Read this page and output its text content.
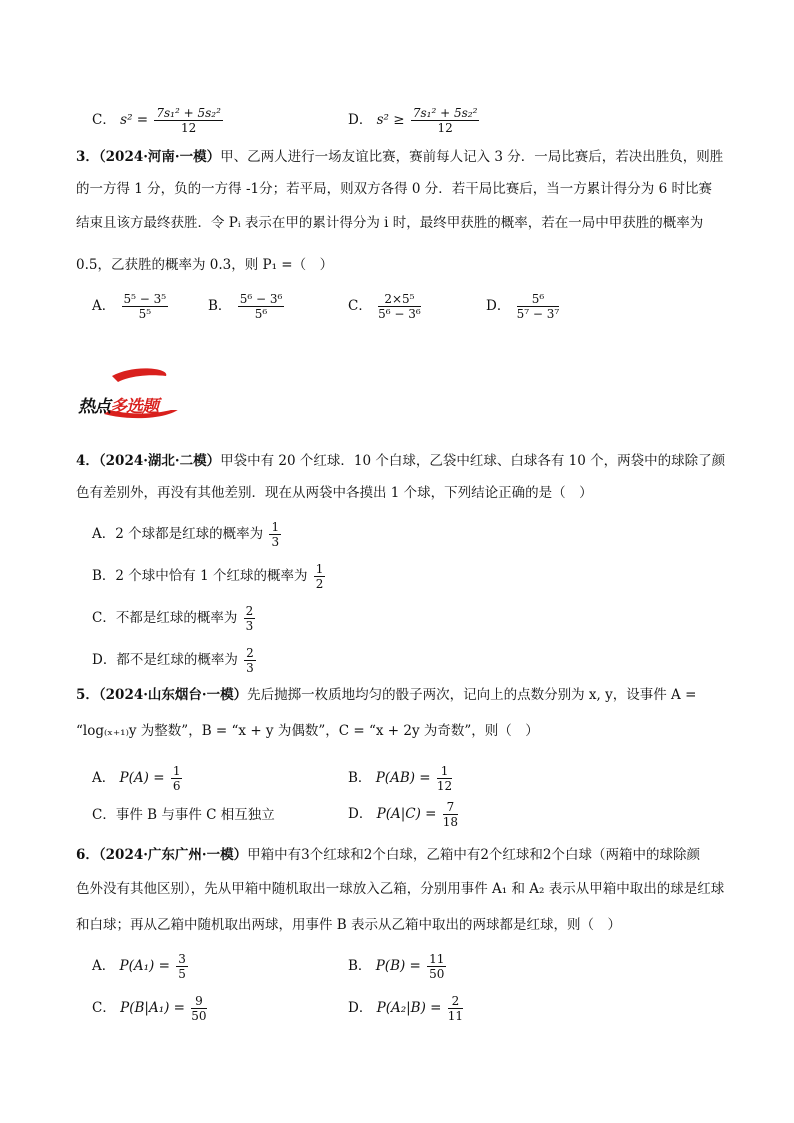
C． $s^2 = \frac{\text{7s₁² + 5s₂²}}{12}$	D． $s^2 \ge \frac{\text{7s₁² + 5s₂²}}{12}$
3．（2024·河南·一模）甲、乙两人进行一场友谊比赛，赛前每人记入 3 分．一局比赛后，若决出胜负，则胜
的一方得 1 分，负的一方得 -1分；若平局，则双方各得 0 分．若干局比赛后，当一方累计得分为 6 时比赛
结束且该方最终获胜．令 Pᵢ 表示在甲的累计得分为 i 时，最终甲获胜的概率，若在一局中甲获胜的概率为
0.5，乙获胜的概率为 0.3，则 P₁ =（　）
A． $\frac{\text{5⁵ − 3⁵}}{\text{5⁵}}$	B． $\frac{\text{5⁶ − 3⁶}}{\text{5⁶}}$	C． $\frac{\text{2×5⁵}}{\text{5⁶ − 3⁶}}$	D． $\frac{\text{5⁶}}{\text{5⁷ − 3⁷}}$
热点多选题
4．（2024·湖北·二模）甲袋中有 20 个红球．10 个白球，乙袋中红球、白球各有 10 个，两袋中的球除了颜
色有差别外，再没有其他差别．现在从两袋中各摸出 1 个球，下列结论正确的是（　）
A．2 个球都是红球的概率为 $\frac{1}{3}$
B．2 个球中恰有 1 个红球的概率为 $\frac{1}{2}$
C．不都是红球的概率为 $\frac{2}{3}$
D．都不是红球的概率为 $\frac{2}{3}$
5．（2024·山东烟台·一模）先后抛掷一枚质地均匀的骰子两次，记向上的点数分别为 x, y，设事件 A =
“log₍ₓ₊₁₎y 为整数”，B = “x + y 为偶数”，C = “x + 2y 为奇数”，则（　）
A． $P(A) = \frac{1}{6}$	B． $P(AB) = \frac{1}{12}$
C．事件 B 与事件 C 相互独立	D． $P(A|C) = \frac{7}{18}$
6．（2024·广东广州·一模）甲箱中有3个红球和2个白球，乙箱中有2个红球和2个白球（两箱中的球除颜
色外没有其他区别），先从甲箱中随机取出一球放入乙箱，分别用事件 A₁ 和 A₂ 表示从甲箱中取出的球是红球
和白球；再从乙箱中随机取出两球，用事件 B 表示从乙箱中取出的两球都是红球，则（　）
A． $P(A_1) = \frac{3}{5}$	B． $P(B) = \frac{11}{50}$
C． $P(B|A_1) = \frac{9}{50}$	D． $P(A_2|B) = \frac{2}{11}$
